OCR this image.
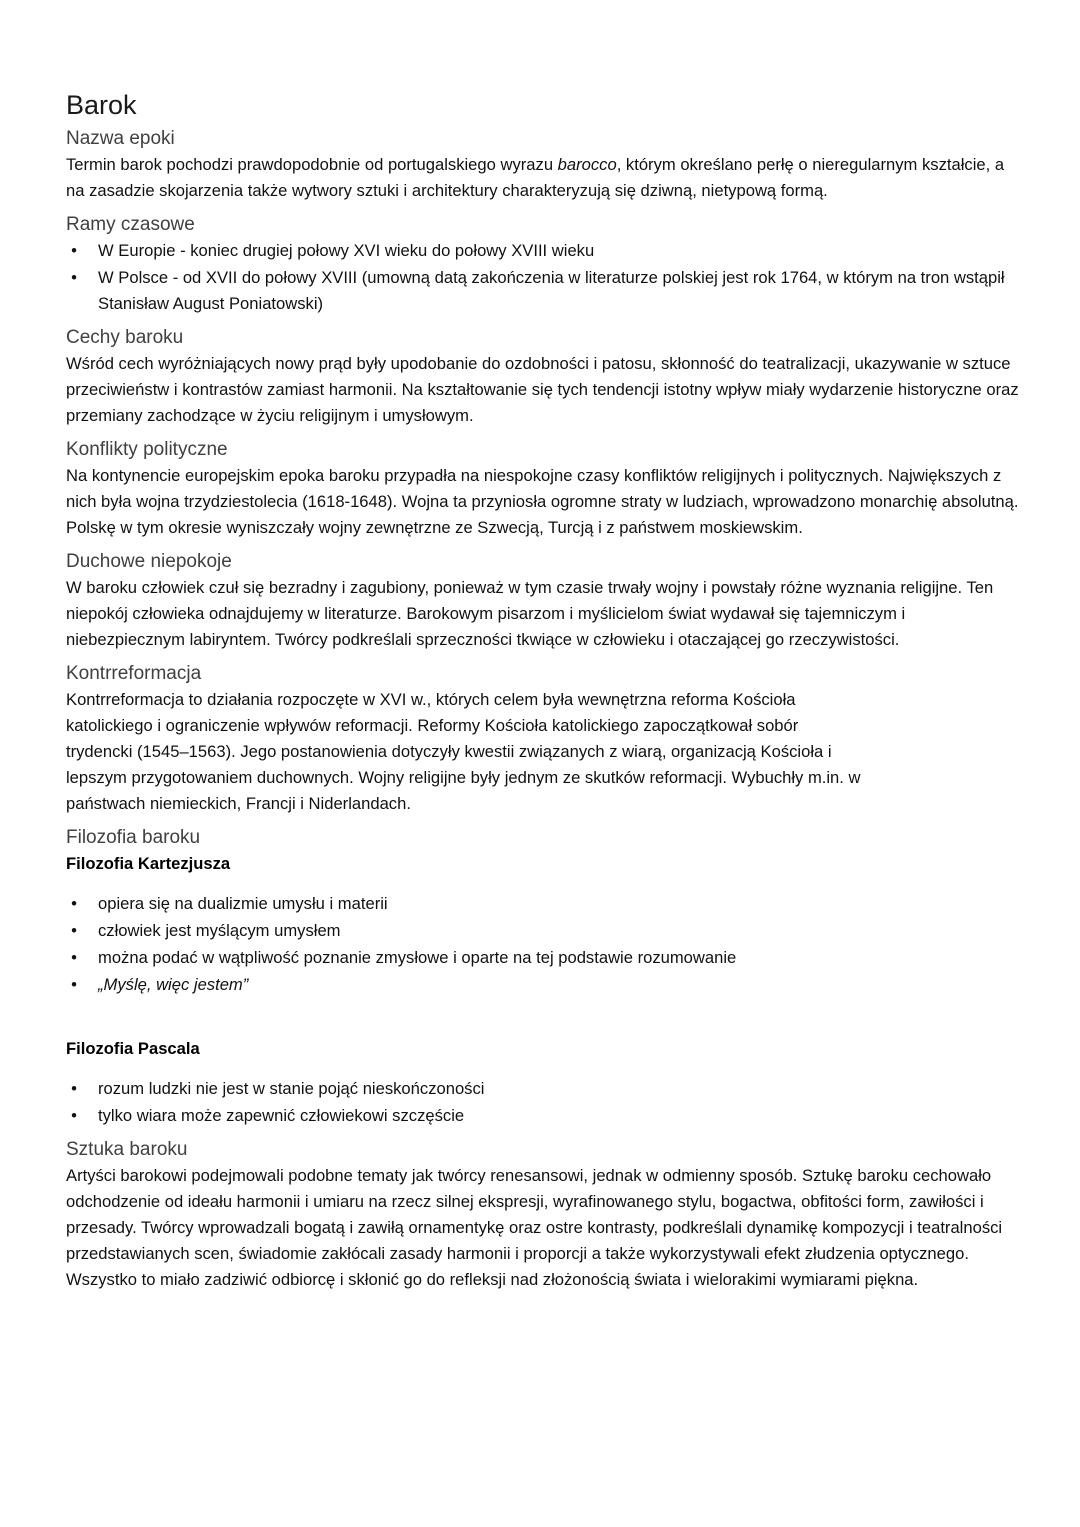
Barok
Nazwa epoki

Termin barok pochodzi prawdopodobnie od portugalskiego wyrazu barocco, którym określano perłę o nieregularnym kształcie, a na zasadzie skojarzenia także wytwory sztuki i architektury charakteryzują się dziwną, nietypową formą.

Ramy czasowe
• W Europie - koniec drugiej połowy XVI wieku do połowy XVIII wieku
• W Polsce - od XVII do połowy XVIII (umowną datą zakończenia w literaturze polskiej jest rok 1764, w którym na tron wstąpił Stanisław August Poniatowski)
Cechy baroku

Wśród cech wyróżniających nowy prąd były upodobanie do ozdobności i patosu, skłonność do teatralizacji, ukazywanie w sztuce przeciwieństw i kontrastów zamiast harmonii. Na kształtowanie się tych tendencji istotny wpływ miały wydarzenie historyczne oraz przemiany zachodzące w życiu religijnym i umysłowym.

Konflikty polityczne

Na kontynencie europejskim epoka baroku przypadła na niespokojne czasy konfliktów religijnych i politycznych. Największych z nich była wojna trzydziestolecia (1618-1648). Wojna ta przyniosła ogromne straty w ludziach, wprowadzono monarchię absolutną. Polskę w tym okresie wyniszczały wojny zewnętrzne ze Szwecją, Turcją i z państwem moskiewskim.

Duchowe niepokoje

W baroku człowiek czuł się bezradny i zagubiony, ponieważ w tym czasie trwały wojny i powstały różne wyznania religijne. Ten niepokój człowieka odnajdujemy w literaturze. Barokowym pisarzom i myślicielom świat wydawał się tajemniczym i niebezpiecznym labiryntem. Twórcy podkreślali sprzeczności tkwiące w człowieku i otaczającej go rzeczywistości.

Kontrreformacja

Kontrreformacja to działania rozpoczęte w XVI w., których celem była wewnętrzna reforma Kościoła
katolickiego i ograniczenie wpływów reformacji. Reformy Kościoła katolickiego zapoczątkował sobór
trydencki (1545–1563). Jego postanowienia dotyczyły kwestii związanych z wiarą, organizacją Kościoła i
lepszym przygotowaniem duchownych. Wojny religijne były jednym ze skutków reformacji. Wybuchły m.in. w
państwach niemieckich, Francji i Niderlandach.

Filozofia baroku
Filozofia Kartezjusza
• opiera się na dualizmie umysłu i materii
• człowiek jest myślącym umysłem
• można podać w wątpliwość poznanie zmysłowe i oparte na tej podstawie rozumowanie
• „Myślę, więc jestem”
Filozofia Pascala
• rozum ludzki nie jest w stanie pojąć nieskończoności
• tylko wiara może zapewnić człowiekowi szczęście
Sztuka baroku

Artyści barokowi podejmowali podobne tematy jak twórcy renesansowi, jednak w odmienny sposób. Sztukę baroku cechowało odchodzenie od ideału harmonii i umiaru na rzecz silnej ekspresji, wyrafinowanego stylu, bogactwa, obfitości form, zawiłości i przesady. Twórcy wprowadzali bogatą i zawiłą ornamentykę oraz ostre kontrasty, podkreślali dynamikę kompozycji i teatralności przedstawianych scen, świadomie zakłócali zasady harmonii i proporcji a także wykorzystywali efekt złudzenia optycznego. Wszystko to miało zadziwić odbiorcę i skłonić go do refleksji nad złożonością świata i wielorakimi wymiarami piękna.
